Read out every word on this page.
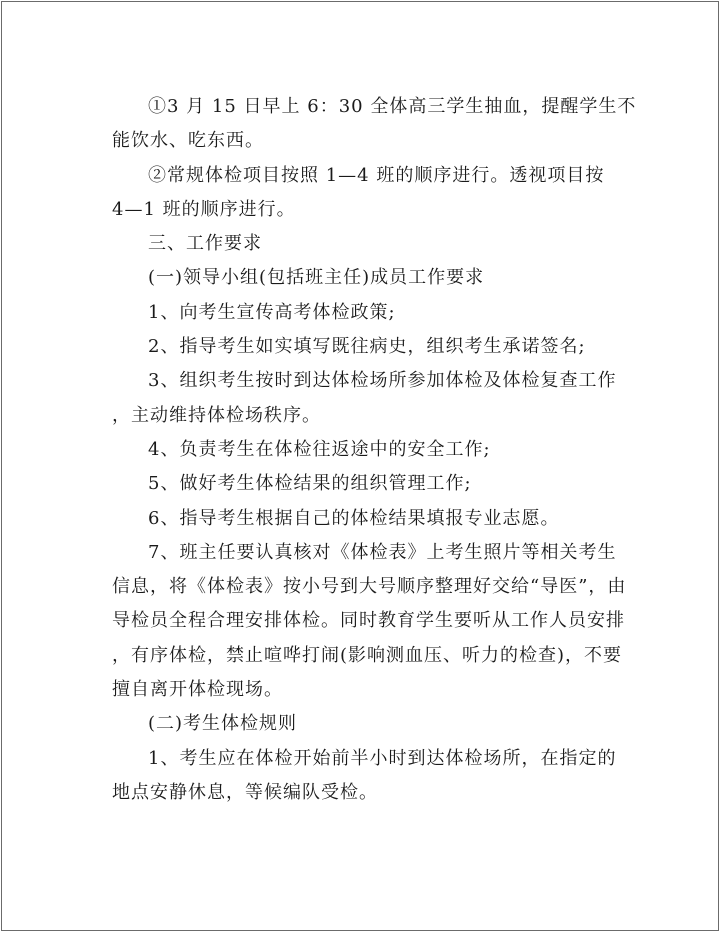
①3 月 15 日早上 6：30 全体高三学生抽血，提醒学生不
能饮水、吃东西。
②常规体检项目按照 1—4 班的顺序进行。透视项目按
4—1 班的顺序进行。
三、工作要求
(一)领导小组(包括班主任)成员工作要求
1、向考生宣传高考体检政策;
2、指导考生如实填写既往病史，组织考生承诺签名;
3、组织考生按时到达体检场所参加体检及体检复查工作
，主动维持体检场秩序。
4、负责考生在体检往返途中的安全工作;
5、做好考生体检结果的组织管理工作;
6、指导考生根据自己的体检结果填报专业志愿。
7、班主任要认真核对《体检表》上考生照片等相关考生
信息，将《体检表》按小号到大号顺序整理好交给“导医”，由
导检员全程合理安排体检。同时教育学生要听从工作人员安排
，有序体检，禁止喧哗打闹(影响测血压、听力的检查)，不要
擅自离开体检现场。
(二)考生体检规则
1、考生应在体检开始前半小时到达体检场所，在指定的
地点安静休息，等候编队受检。
